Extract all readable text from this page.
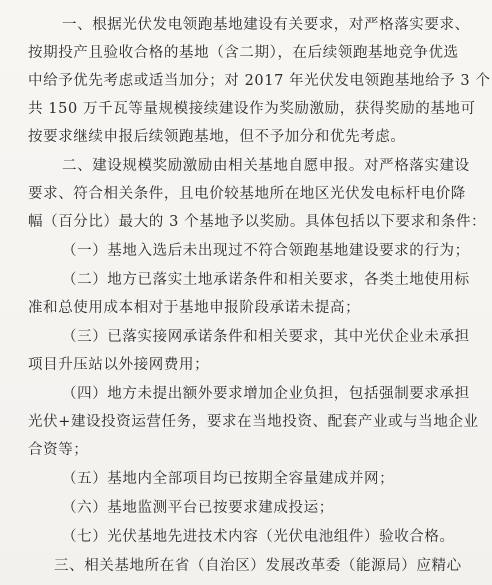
一、根据光伏发电领跑基地建设有关要求，对严格落实要求、
按期投产且验收合格的基地（含二期），在后续领跑基地竞争优选
中给予优先考虑或适当加分；对 2017 年光伏发电领跑基地给予 3 个
共 150 万千瓦等量规模接续建设作为奖励激励，获得奖励的基地可
按要求继续申报后续领跑基地，但不予加分和优先考虑。
二、建设规模奖励激励由相关基地自愿申报。对严格落实建设
要求、符合相关条件，且电价较基地所在地区光伏发电标杆电价降
幅（百分比）最大的 3 个基地予以奖励。具体包括以下要求和条件：
（一）基地入选后未出现过不符合领跑基地建设要求的行为；
（二）地方已落实土地承诺条件和相关要求，各类土地使用标
准和总使用成本相对于基地申报阶段承诺未提高；
（三）已落实接网承诺条件和相关要求，其中光伏企业未承担
项目升压站以外接网费用；
（四）地方未提出额外要求增加企业负担，包括强制要求承担
光伏+建设投资运营任务，要求在当地投资、配套产业或与当地企业
合资等；
（五）基地内全部项目均已按期全容量建成并网；
（六）基地监测平台已按要求建成投运；
（七）光伏基地先进技术内容（光伏电池组件）验收合格。
三、相关基地所在省（自治区）发展改革委（能源局）应精心
